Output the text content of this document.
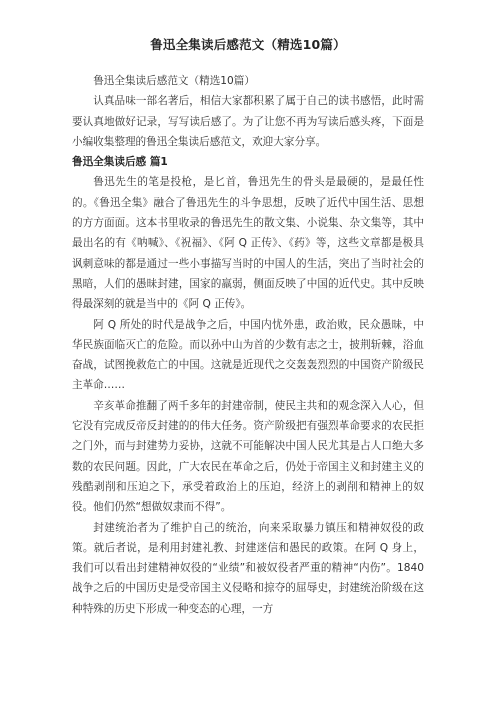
鲁迅全集读后感范文（精选10篇）

鲁迅全集读后感范文（精选10篇）

认真品味一部名著后，相信大家都积累了属于自己的读书感悟，此时需要认真地做好记录，写写读后感了。为了让您不再为写读后感头疼，下面是小编收集整理的鲁迅全集读后感范文，欢迎大家分享。

鲁迅全集读后感 篇1

鲁迅先生的笔是投枪，是匕首，鲁迅先生的骨头是最硬的，是最任性的。《鲁迅全集》融合了鲁迅先生的斗争思想，反映了近代中国生活、思想的方方面面。这本书里收录的鲁迅先生的散文集、小说集、杂文集等，其中最出名的有《呐喊》、《祝福》、《阿 Q 正传》、《药》等，这些文章都是极具讽刺意味的都是通过一些小事描写当时的中国人的生活，突出了当时社会的黑暗，人们的愚昧封建，国家的羸弱，侧面反映了中国的近代史。其中反映得最深刻的就是当中的《阿 Q 正传》。

阿 Q 所处的时代是战争之后，中国内忧外患，政治败，民众愚昧，中华民族面临灭亡的危险。而以孙中山为首的少数有志之士，披荆斩棘，浴血奋战，试图挽救危亡的中国。这就是近现代之交轰轰烈烈的中国资产阶级民主革命……

辛亥革命推翻了两千多年的封建帝制，使民主共和的观念深入人心，但它没有完成反帝反封建的的伟大任务。资产阶级把有强烈革命要求的农民拒之门外，而与封建势力妥协，这就不可能解决中国人民尤其是占人口绝大多数的农民问题。因此，广大农民在革命之后，仍处于帝国主义和封建主义的残酷剥削和压迫之下，承受着政治上的压迫，经济上的剥削和精神上的奴役。他们仍然“想做奴隶而不得”。

封建统治者为了维护自己的统治，向来采取暴力镇压和精神奴役的政策。就后者说，是利用封建礼教、封建迷信和愚民的政策。在阿 Q 身上，我们可以看出封建精神奴役的“业绩”和被奴役者严重的精神“内伤”。1840 战争之后的中国历史是受帝国主义侵略和掠夺的屈辱史，封建统治阶级在这种特殊的历史下形成一种变态的心理，一方
